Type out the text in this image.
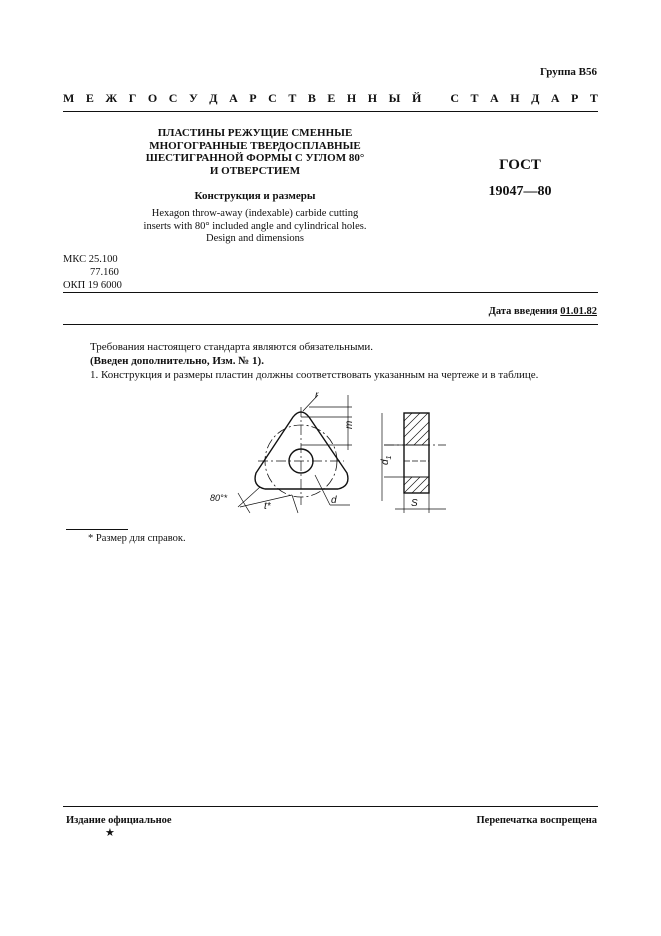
Группа В56
М Е Ж Г О С У Д А Р С Т В Е Н Н Ы Й С Т А Н Д А Р Т
ПЛАСТИНЫ РЕЖУЩИЕ СМЕННЫЕ
МНОГОГРАННЫЕ ТВЕРДОСПЛАВНЫЕ
ШЕСТИГРАННОЙ ФОРМЫ С УГЛОМ 80°
И ОТВЕРСТИЕМ
Конструкция и размеры
Hexagon throw-away (indexable) carbide cutting
inserts with 80° included angle and cylindrical holes.
Design and dimensions
ГОСТ
19047—80
МКС 25.100
77.160
ОКП 19 6000
Дата введения 01.01.82
Требования настоящего стандарта являются обязательными.
(Введен дополнительно, Изм. № 1).
1. Конструкция и размеры пластин должны соответствовать указанным на чертеже и в таблице.
r
m
$d_1$
80°*
t*
d	S
* Размер для справок.
Издание официальное	Перепечатка воспрещена
★
